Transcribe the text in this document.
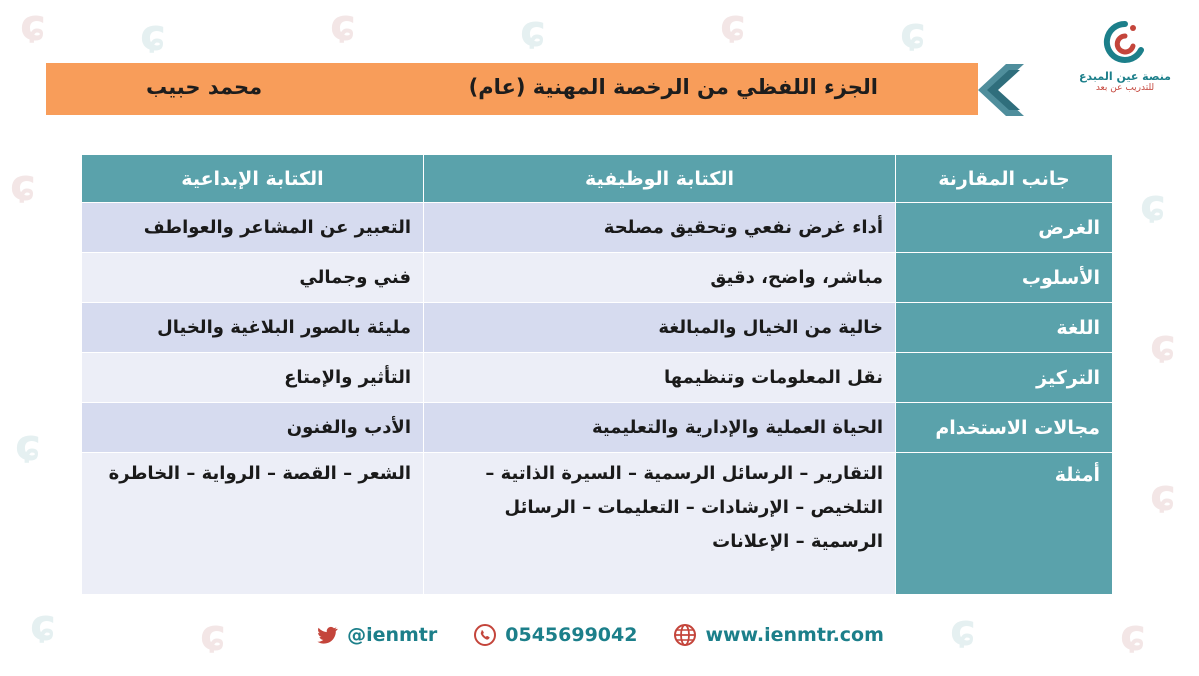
ɕ ɕ	ɕ	ɕ	ɕ	ɕ
ɕ	ɕ
ɕ
ɕ
ɕ
ɕ	ɕ	ɕ	ɕ
الجزء اللفظي من الرخصة المهنية (عام)
محمد حبيب	منصة عين المبدع
للتدريب عن بعد
جانب المقارنة	الكتابة الوظيفية	الكتابة الإبداعية
الغرض	أداء غرض نفعي وتحقيق مصلحة	التعبير عن المشاعر والعواطف
الأسلوب	مباشر، واضح، دقيق	فني وجمالي
اللغة	خالية من الخيال والمبالغة	مليئة بالصور البلاغية والخيال
التركيز	نقل المعلومات وتنظيمها	التأثير والإمتاع
مجالات الاستخدام	الحياة العملية والإدارية والتعليمية	الأدب والفنون
أمثلة	التقارير – الرسائل الرسمية – السيرة الذاتية – التلخيص – الإرشادات – التعليمات – الرسائل الرسمية – الإعلانات	الشعر – القصة – الرواية – الخاطرة
@ienmtr	0545699042	www.ienmtr.com
